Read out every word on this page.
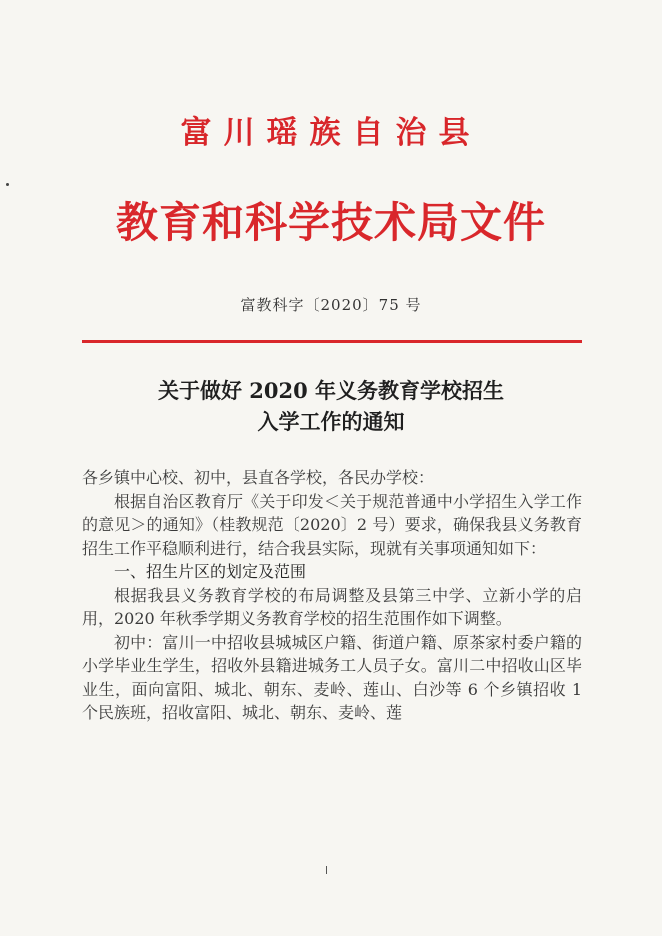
富川瑶族自治县
教育和科学技术局文件
富教科字〔2020〕75 号
关于做好 2020 年义务教育学校招生
入学工作的通知

各乡镇中心校、初中，县直各学校，各民办学校：

根据自治区教育厅《关于印发＜关于规范普通中小学招生入学工作的意见＞的通知》（桂教规范〔2020〕2 号）要求，确保我县义务教育招生工作平稳顺利进行，结合我县实际，现就有关事项通知如下：

一、招生片区的划定及范围

根据我县义务教育学校的布局调整及县第三中学、立新小学的启用，2020 年秋季学期义务教育学校的招生范围作如下调整。

初中：富川一中招收县城城区户籍、街道户籍、原茶家村委户籍的小学毕业生学生，招收外县籍进城务工人员子女。富川二中招收山区毕业生，面向富阳、城北、朝东、麦岭、莲山、白沙等 6 个乡镇招收 1 个民族班，招收富阳、城北、朝东、麦岭、莲
